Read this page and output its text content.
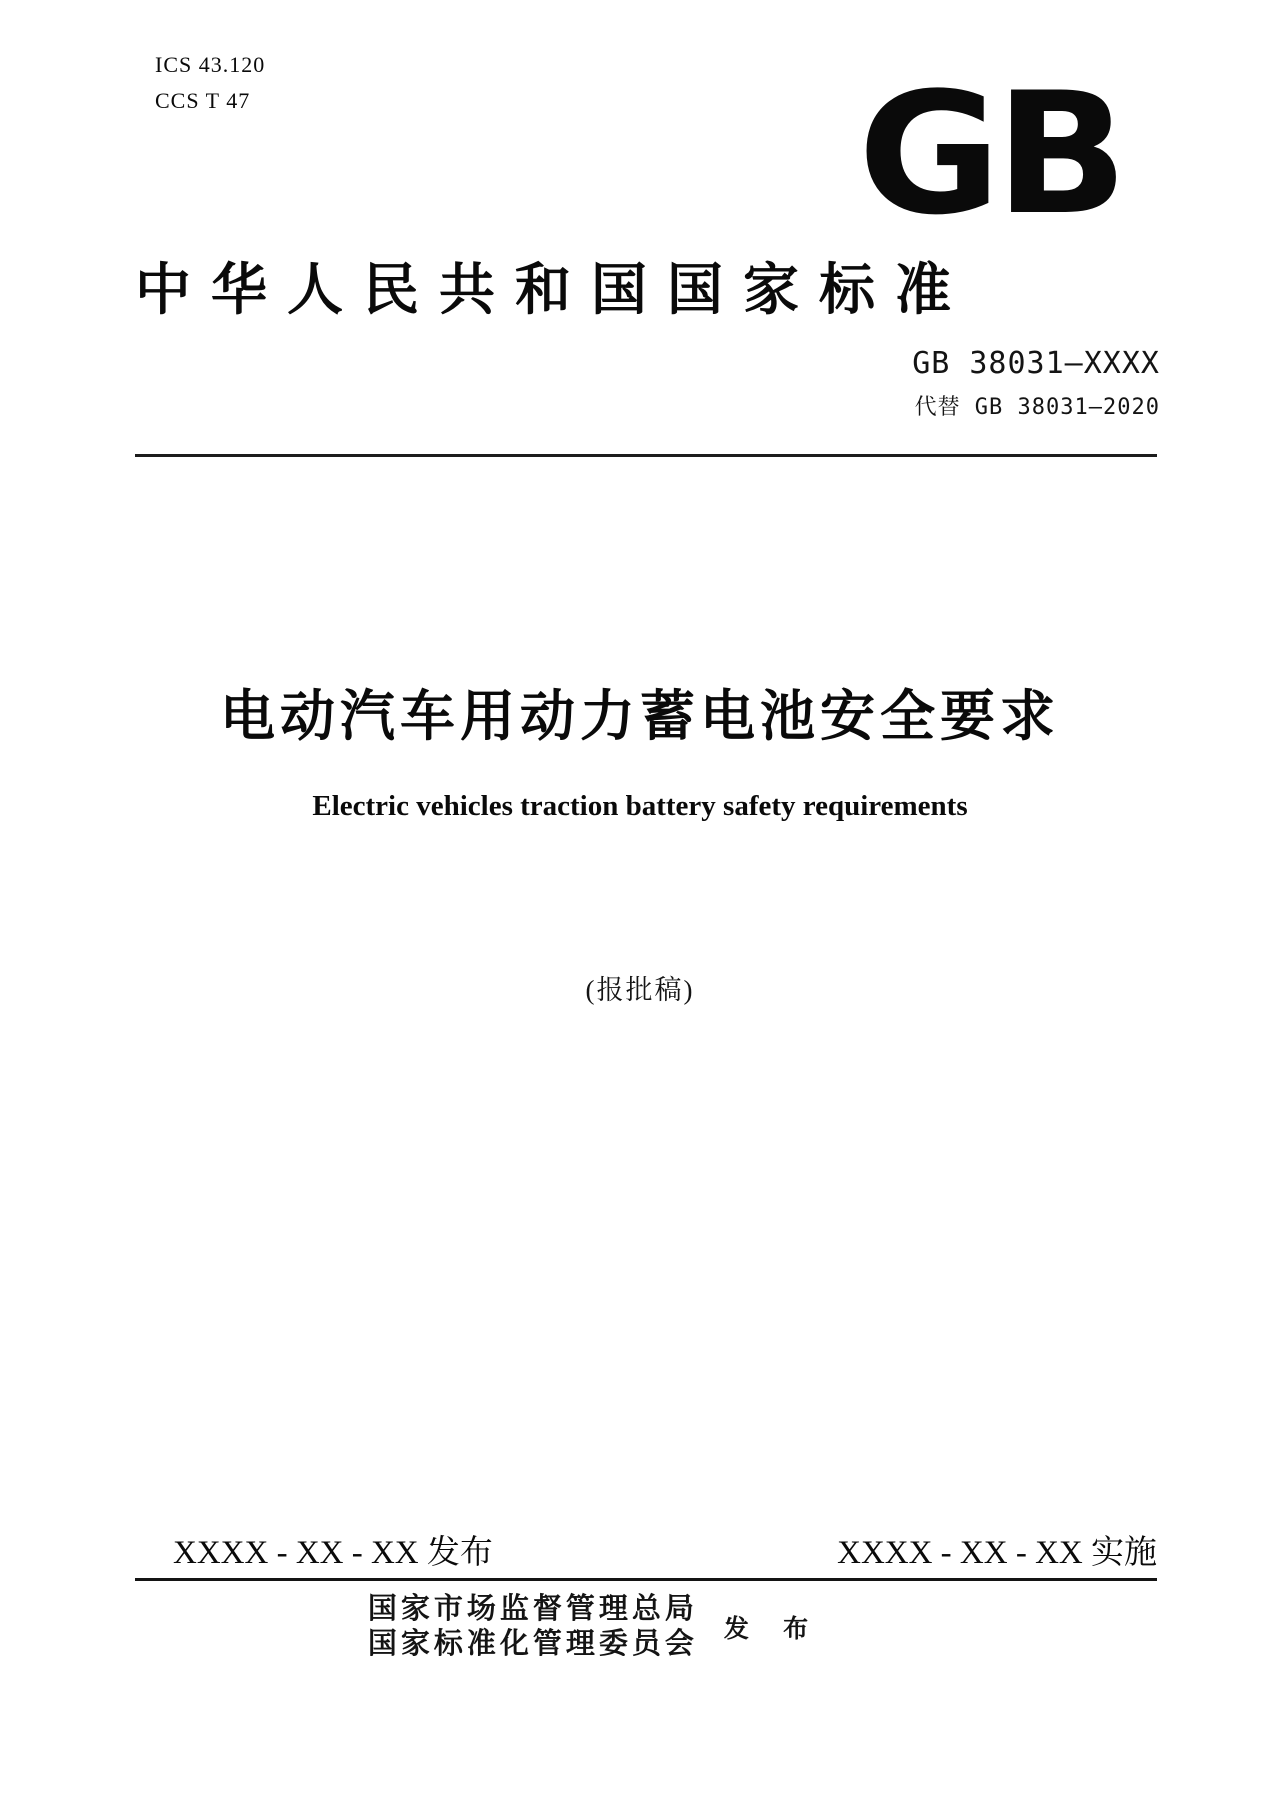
ICS 43.120
CCS T 47	GB
中华人民共和国国家标准
GB 38031—XXXX
代替 GB 38031—2020
电动汽车用动力蓄电池安全要求
Electric vehicles traction battery safety requirements
(报批稿)
XXXX - XX - XX 发布	XXXX - XX - XX 实施
国家市场监督管理总局
国家标准化管理委员会 发 布
